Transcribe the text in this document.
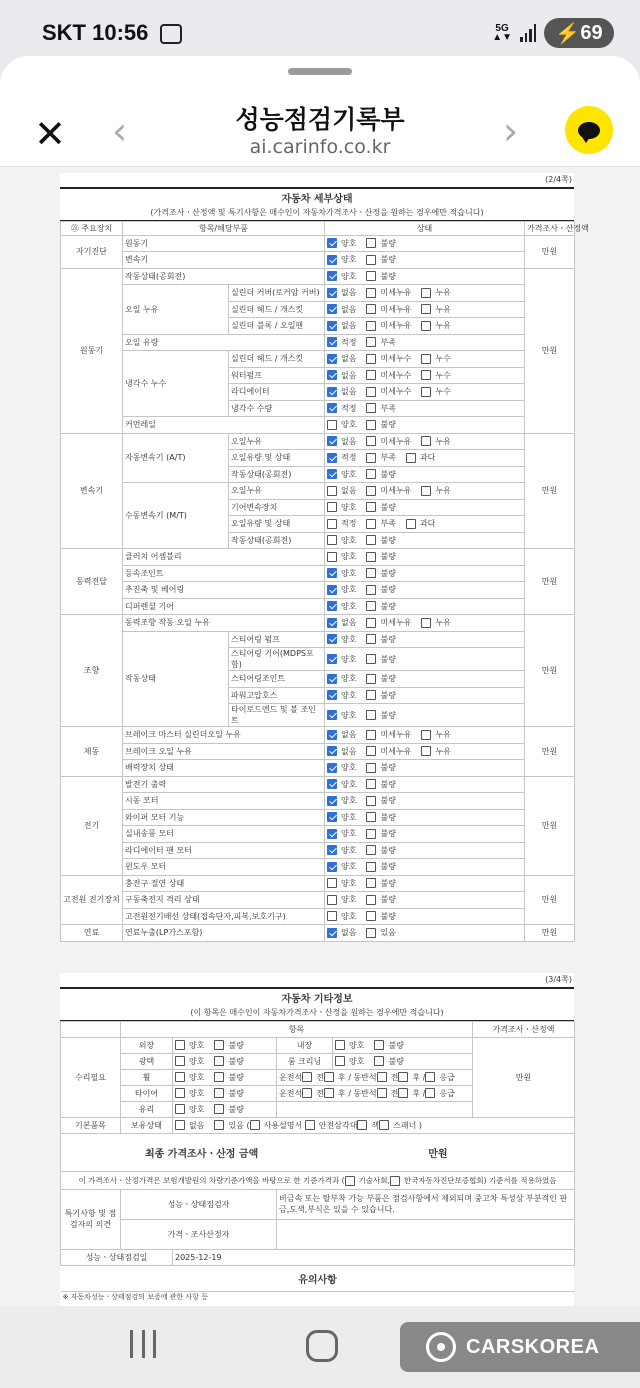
SKT 10:56	5G
▲▼	⚡ 69
✕ ‹	성능점검기록부
ai.carinfo.co.kr	›
(2/4쪽)
자동차 세부상태
(가격조사ㆍ산정액 및 특기사항은 매수인이 자동차가격조사ㆍ산정을 원하는 경우에만 적습니다)
㉑ 주요장치	항목/해당부품		상태	가격조사ㆍ산정액
자기진단	원동기		양호 불량	만원
	변속기		양호 불량	
원동기	작동상태(공회전)		양호 불량	만원
	오일 누유	실린더 커버(로커암 커버)	없음 미세누유 누유	
		실린더 헤드 / 개스킷	없음 미세누유 누유	
		실린더 블록 / 오일팬	없음 미세누유 누유	
	오일 유량		적정 부족	
	냉각수 누수	실린더 헤드 / 개스킷	없음 미세누수 누수	
		워터펌프	없음 미세누수 누수	
		라디에이터	없음 미세누수 누수	
		냉각수 수량	적정 부족	
	커먼레일		양호 불량	
변속기	자동변속기 (A/T)	오일누유	없음 미세누유 누유	만원
		오일유량 및 상태	적정 부족 과다	
		작동상태(공회전)	양호 불량	
	수동변속기 (M/T)	오일누유	없음 미세누유 누유	
		기어변속장치	양호 불량	
		오일유량 및 상태	적정 부족 과다	
		작동상태(공회전)	양호 불량	
동력전달	클러치 어셈블리		양호 불량	만원
	등속조인트		양호 불량	
	추진축 및 베어링		양호 불량	
	디퍼렌셜 기어		양호 불량	
조향	동력조향 작동 오일 누유		없음 미세누유 누유	만원
	작동상태	스티어링 펌프	양호 불량	
		스티어링 기어(MDPS포함)	양호 불량	
		스티어링조인트	양호 불량	
		파워고압호스	양호 불량	
		타이로드엔드 및 볼 조인트	양호 불량	
제동	브레이크 마스터 실린더오일 누유		없음 미세누유 누유	만원
	브레이크 오일 누유		없음 미세누유 누유	
	배력장치 상태		양호 불량	
전기	발전기 출력		양호 불량	만원
	시동 모터		양호 불량	
	와이퍼 모터 기능		양호 불량	
	실내송풍 모터		양호 불량	
	라디에이터 팬 모터		양호 불량	
	윈도우 모터		양호 불량	
고전원 전기장치	충전구 절연 상태		양호 불량	만원
	구동축전지 격리 상태		양호 불량	
	고전원전기배선 상태(접속단자,피복,보호기구)		양호 불량	
연료	연료누출(LP가스포함)		없음 있음	만원
(3/4쪽)
자동차 기타정보
(이 항목은 매수인이 자동차가격조사ㆍ산정을 원하는 경우에만 적습니다)
	항목				가격조사ㆍ산정액
수리필요	외장	양호 불량	내장	양호 불량	만원
	광택	양호 불량	룸 크리닝	양호 불량	
	휠	양호 불량	운전석 전 후 / 동반석 전 후 / 응급		
	타이어	양호 불량	운전석 전 후 / 동반석 전 후 / 응급		
	유리	양호 불량			
기본품목	보유상태	없음 있음 ( 사용설명서 안전삼각대 잭 스패너 )			
최종 가격조사ㆍ산정 금액 만원					
이 가격조사ㆍ산정가격은 보험개발원의 차량기준가액을 바탕으로 한 기준가격과 ( 기술사회, 한국자동차진단보증협회) 기준서를 적용하였음					
특기사항 및 점검자의 의견	성능ㆍ상태점검자		비금속 또는 탈부착 가능 부품은 점검사항에서 제외되며 중고차 특성상 부분적인 판금,도색,부식은 있을 수 있습니다.		
	가격ㆍ조사산정자				
성능ㆍ상태점검일		2025-12-19			
유의사항					
※ 자동차성능ㆍ상태점검의 보증에 관한 사항 등					
CARSKOREA
